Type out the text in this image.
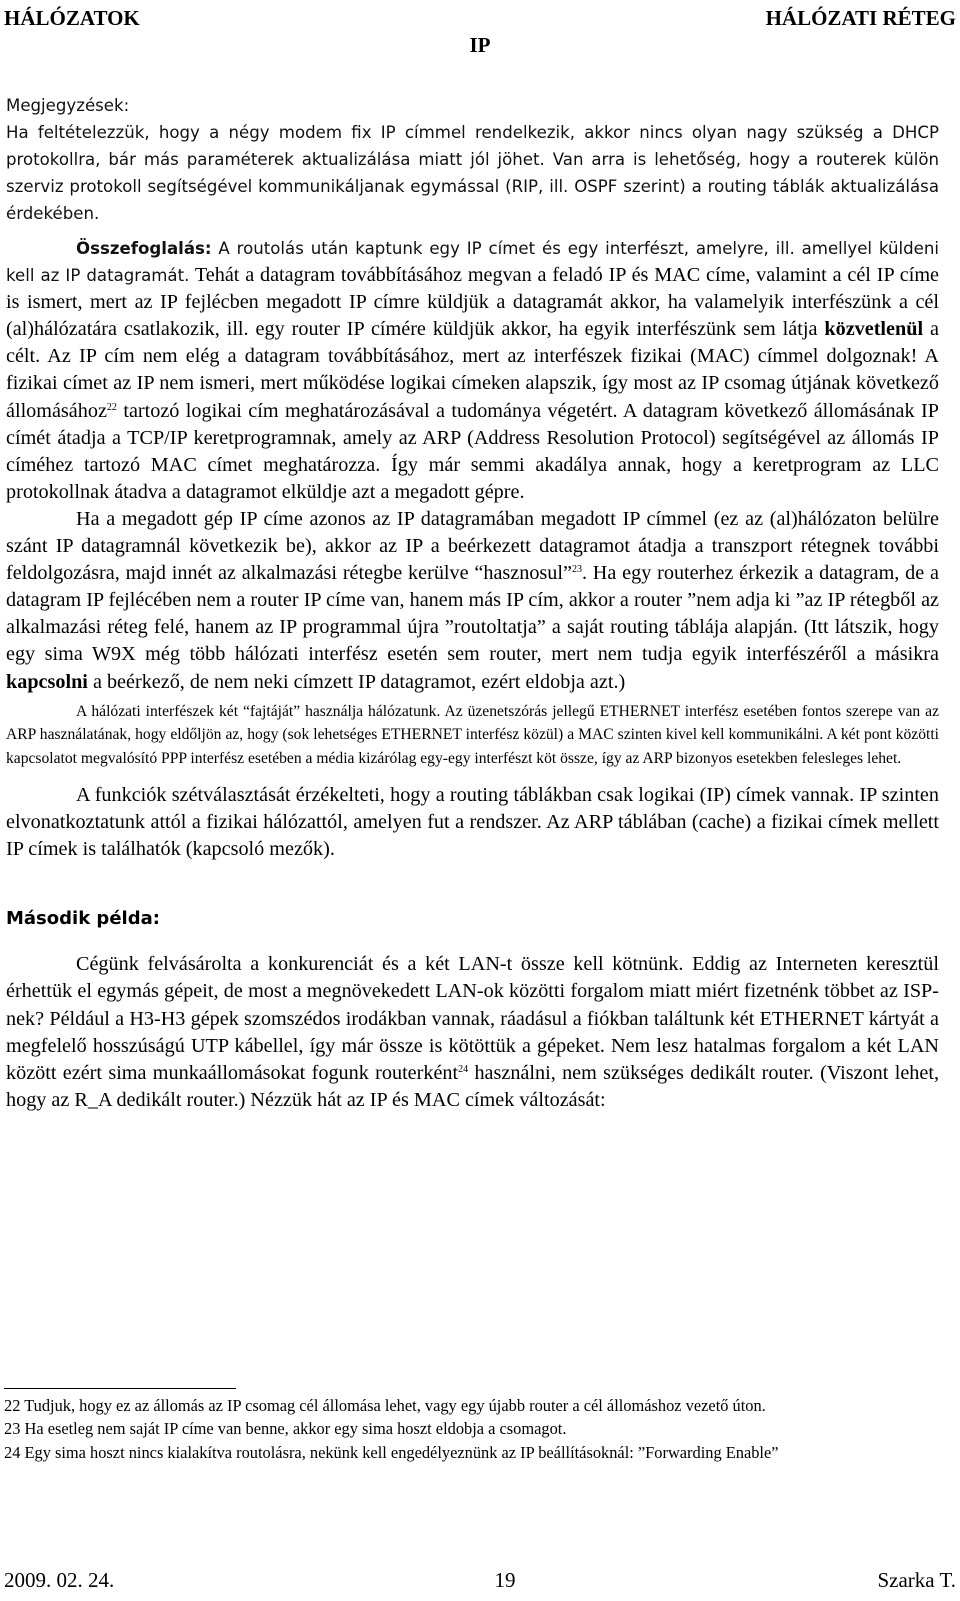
HÁLÓZATOK	HÁLÓZATI RÉTEG
IP

Megjegyzések:
Ha feltételezzük, hogy a négy modem fix IP címmel rendelkezik, akkor nincs olyan nagy szükség a DHCP protokollra, bár más paraméterek aktualizálása miatt jól jöhet. Van arra is lehetőség, hogy a routerek külön szerviz protokoll segítségével kommunikáljanak egymással (RIP, ill. OSPF szerint) a routing táblák aktualizálása érdekében.

Összefoglalás: A routolás után kaptunk egy IP címet és egy interfészt, amelyre, ill. amellyel küldeni kell az IP datagramát. Tehát a datagram továbbításához megvan a feladó IP és MAC címe, valamint a cél IP címe is ismert, mert az IP fejlécben megadott IP címre küldjük a datagramát akkor, ha valamelyik interfészünk a cél (al)hálózatára csatlakozik, ill. egy router IP címére küldjük akkor, ha egyik interfészünk sem látja közvetlenül a célt. Az IP cím nem elég a datagram továbbításához, mert az interfészek fizikai (MAC) címmel dolgoznak! A fizikai címet az IP nem ismeri, mert működése logikai címeken alapszik, így most az IP csomag útjának következő állomásához$^{22}$ tartozó logikai cím meghatározásával a tudománya végetért. A datagram következő állomásának IP címét átadja a TCP/IP keretprogramnak, amely az ARP (Address Resolution Protocol) segítségével az állomás IP címéhez tartozó MAC címet meghatározza. Így már semmi akadálya annak, hogy a keretprogram az LLC protokollnak átadva a datagramot elküldje azt a megadott gépre.

Ha a megadott gép IP címe azonos az IP datagramában megadott IP címmel (ez az (al)hálózaton belülre szánt IP datagramnál következik be), akkor az IP a beérkezett datagramot átadja a transzport rétegnek további feldolgozásra, majd innét az alkalmazási rétegbe kerülve “hasznosul”$^{23}$. Ha egy routerhez érkezik a datagram, de a datagram IP fejlécében nem a router IP címe van, hanem más IP cím, akkor a router ”nem adja ki ”az IP rétegből az alkalmazási réteg felé, hanem az IP programmal újra ”routoltatja” a saját routing táblája alapján. (Itt látszik, hogy egy sima W9X még több hálózati interfész esetén sem router, mert nem tudja egyik interfészéről a másikra kapcsolni a beérkező, de nem neki címzett IP datagramot, ezért eldobja azt.)

A hálózati interfészek két “fajtáját” használja hálózatunk. Az üzenetszórás jellegű ETHERNET interfész esetében fontos szerepe van az ARP használatának, hogy eldőljön az, hogy (sok lehetséges ETHERNET interfész közül) a MAC szinten kivel kell kommunikálni. A két pont közötti kapcsolatot megvalósító PPP interfész esetében a média kizárólag egy-egy interfészt köt össze, így az ARP bizonyos esetekben felesleges lehet.

A funkciók szétválasztását érzékelteti, hogy a routing táblákban csak logikai (IP) címek vannak. IP szinten elvonatkoztatunk attól a fizikai hálózattól, amelyen fut a rendszer. Az ARP táblában (cache) a fizikai címek mellett IP címek is találhatók (kapcsoló mezők).

Második példa:

Cégünk felvásárolta a konkurenciát és a két LAN-t össze kell kötnünk. Eddig az Interneten keresztül érhettük el egymás gépeit, de most a megnövekedett LAN-ok közötti forgalom miatt miért fizetnénk többet az ISP-nek? Például a H3-H3 gépek szomszédos irodákban vannak, ráadásul a fiókban találtunk két ETHERNET kártyát a megfelelő hosszúságú UTP kábellel, így már össze is kötöttük a gépeket. Nem lesz hatalmas forgalom a két LAN között ezért sima munkaállomásokat fogunk routerként$^{24}$ használni, nem szükséges dedikált router. (Viszont lehet, hogy az R_A dedikált router.) Nézzük hát az IP és MAC címek változását:

22 Tudjuk, hogy ez az állomás az IP csomag cél állomása lehet, vagy egy újabb router a cél állomáshoz vezető úton.

23 Ha esetleg nem saját IP címe van benne, akkor egy sima hoszt eldobja a csomagot.

24 Egy sima hoszt nincs kialakítva routolásra, nekünk kell engedélyeznünk az IP beállításoknál: ”Forwarding Enable”

2009. 02. 24.	19	Szarka T.
